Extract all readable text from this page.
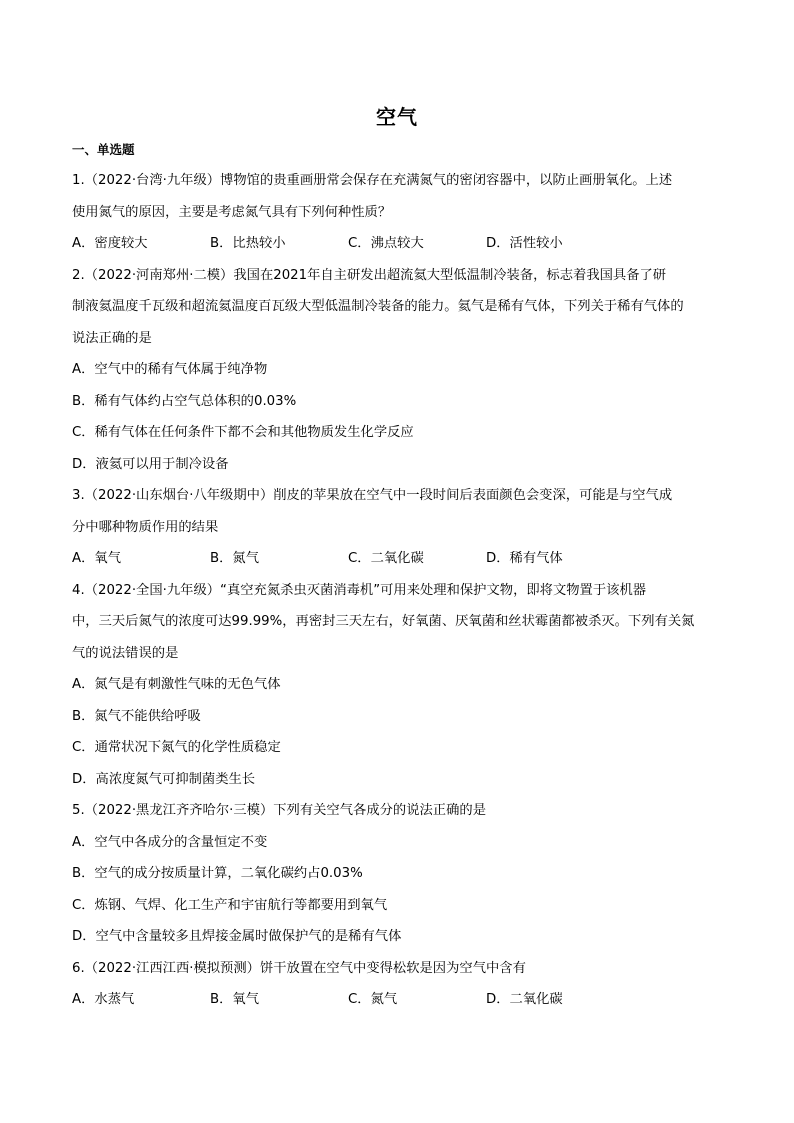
空气
一、单选题
1.（2022·台湾·九年级）博物馆的贵重画册常会保存在充满氮气的密闭容器中，以防止画册氧化。上述
使用氮气的原因，主要是考虑氮气具有下列何种性质？
A．密度较大	B．比热较小	C．沸点较大	D．活性较小
2.（2022·河南郑州·二模）我国在2021年自主研发出超流氦大型低温制冷装备，标志着我国具备了研
制液氦温度千瓦级和超流氦温度百瓦级大型低温制冷装备的能力。氦气是稀有气体，下列关于稀有气体的
说法正确的是
A．空气中的稀有气体属于纯净物
B．稀有气体约占空气总体积的0.03%
C．稀有气体在任何条件下都不会和其他物质发生化学反应
D．液氦可以用于制冷设备
3.（2022·山东烟台·八年级期中）削皮的苹果放在空气中一段时间后表面颜色会变深，可能是与空气成
分中哪种物质作用的结果
A．氧气	B．氮气	C．二氧化碳	D．稀有气体
4.（2022·全国·九年级）“真空充氮杀虫灭菌消毒机”可用来处理和保护文物，即将文物置于该机器
中，三天后氮气的浓度可达99.99%，再密封三天左右，好氧菌、厌氧菌和丝状霉菌都被杀灭。下列有关氮
气的说法错误的是
A．氮气是有刺激性气味的无色气体
B．氮气不能供给呼吸
C．通常状况下氮气的化学性质稳定
D．高浓度氮气可抑制菌类生长
5.（2022·黑龙江齐齐哈尔·三模）下列有关空气各成分的说法正确的是
A．空气中各成分的含量恒定不变
B．空气的成分按质量计算，二氧化碳约占0.03%
C．炼钢、气焊、化工生产和宇宙航行等都要用到氧气
D．空气中含量较多且焊接金属时做保护气的是稀有气体
6.（2022·江西江西·模拟预测）饼干放置在空气中变得松软是因为空气中含有
A．水蒸气	B．氧气	C．氮气	D．二氧化碳
